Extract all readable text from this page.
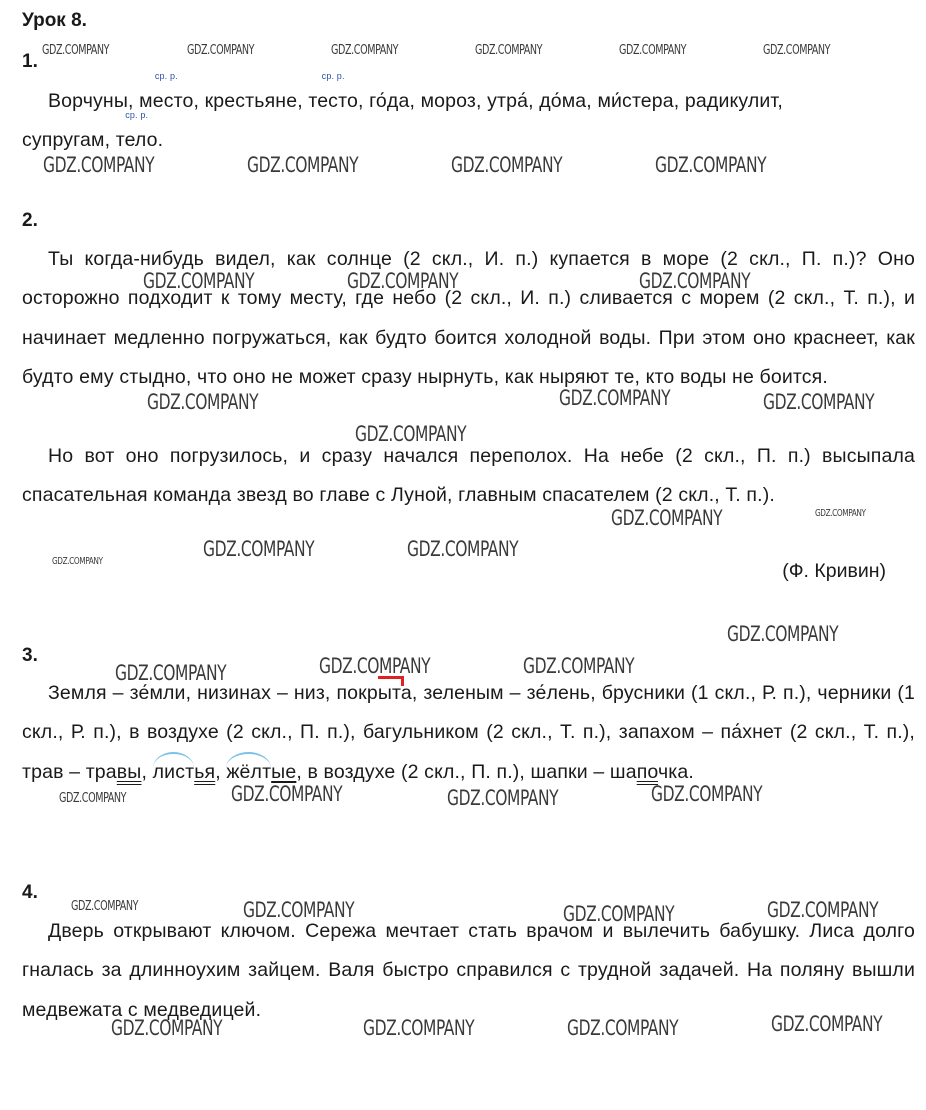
Урок 8.
1.

Ворчуны, место
ср. р.
, крестьяне, тесто
ср. р.
, го́да, мороз, утра́, до́ма, ми́стера, радикулит,
супругам, тело
ср. р.
.

2.

Ты когда-нибудь видел, как солнце (2 скл., И. п.) купается в море (2 скл., П. п.)? Оно осторожно подходит к тому месту, где небо (2 скл., И. п.) сливается с морем (2 скл., Т. п.), и начинает медленно погружаться, как будто боится холодной воды. При этом оно краснеет, как будто ему стыдно, что оно не может сразу нырнуть, как ныряют те, кто воды не боится.

Но вот оно погрузилось, и сразу начался переполох. На небе (2 скл., П. п.) высыпала спасательная команда звезд во главе с Луной, главным спасателем (2 скл., Т. п.).

(Ф. Кривин)
3.

Земля – зе́мли, низинах – низ, покрыта, зеленым – зе́лень, брусники (1 скл., Р. п.), черники (1 скл., Р. п.), в воздухе (2 скл., П. п.), багульником (2 скл., Т. п.), запахом – па́хнет (2 скл., Т. п.), трав – травы, листья, жёлтые, в воздухе (2 скл., П. п.), шапки – шапочка.

4.

Дверь открывают ключом. Сережа мечтает стать врачом и вылечить бабушку. Лиса долго гналась за длинноухим зайцем. Валя быстро справился с трудной задачей. На поляну вышли медвежата с медведицей.

GDZ.COMPANY	GDZ.COMPANY	GDZ.COMPANY	GDZ.COMPANY	GDZ.COMPANY	GDZ.COMPANY
GDZ.COMPANY	GDZ.COMPANY	GDZ.COMPANY	GDZ.COMPANY
GDZ.COMPANY	GDZ.COMPANY	GDZ.COMPANY
GDZ.COMPANY	GDZ.COMPANY	GDZ.COMPANY
GDZ.COMPANY
GDZ.COMPANY	GDZ.COMPANY
GDZ.COMPANY	GDZ.COMPANY
GDZ.COMPANY
GDZ.COMPANY
GDZ.COMPANY	GDZ.COMPANY	GDZ.COMPANY
GDZ.COMPANY	GDZ.COMPANY	GDZ.COMPANY	GDZ.COMPANY
GDZ.COMPANY	GDZ.COMPANY	GDZ.COMPANY	GDZ.COMPANY
GDZ.COMPANY	GDZ.COMPANY	GDZ.COMPANY	GDZ.COMPANY
